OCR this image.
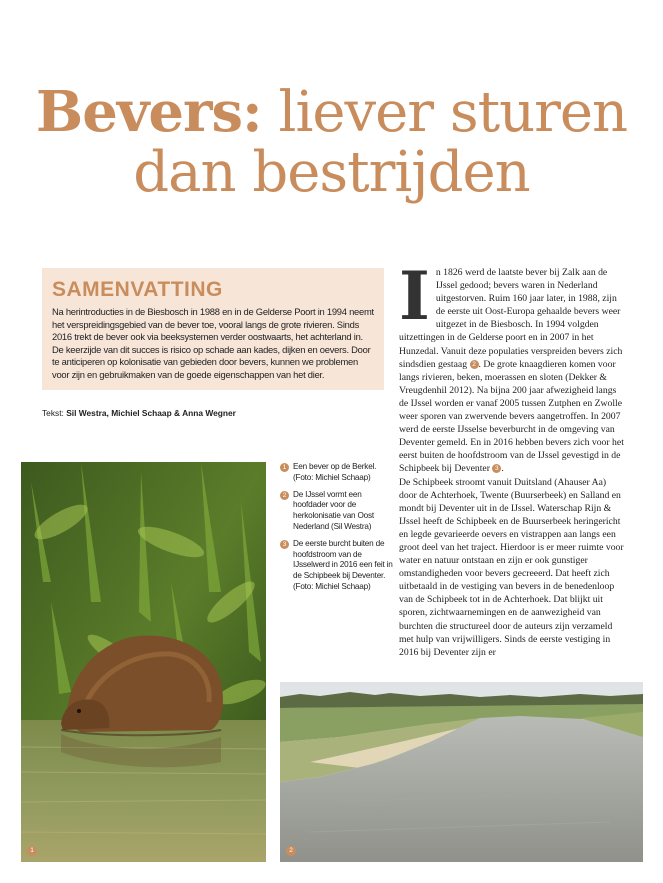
Bevers: liever sturen
dan bestrijden
SAMENVATTING

Na herintroducties in de Biesbosch in 1988 en in de Gelderse Poort in 1994 neemt het verspreidingsgebied van de bever toe, vooral langs de grote rivieren. Sinds 2016 trekt de bever ook via beeksystemen verder oostwaarts, het achterland in. De keerzijde van dit succes is risico op schade aan kades, dijken en oevers. Door te anticiperen op kolonisatie van gebieden door bevers, kunnen we problemen voor zijn en gebruikmaken van de goede eigenschappen van het dier.

Tekst: Sil Westra, Michiel Schaap & Anna Wegner
1
1 Een bever op de Berkel. (Foto: Michiel Schaap)
2 De IJssel vormt een hoofdader voor de herkolonisatie van Oost Nederland (Sil Westra)
3 De eerste burcht buiten de hoofdstroom van de IJsselwerd in 2016 een feit in de Schipbeek bij Deventer. (Foto: Michiel Schaap)

In 1826 werd de laatste bever bij Zalk aan de IJssel gedood; bevers waren in Nederland uitgestorven. Ruim 160 jaar later, in 1988, zijn de eerste uit Oost-Europa gehaalde bevers weer uitgezet in de Biesbosch. In 1994 volgden uitzettingen in de Gelderse poort en in 2007 in het Hunzedal. Vanuit deze populaties verspreiden bevers zich sindsdien gestaag 2 . De grote knaagdieren komen voor langs rivieren, beken, moerassen en sloten (Dekker & Vreugdenhil 2012). Na bijna 200 jaar afwezigheid langs de IJssel worden er vanaf 2005 tussen Zutphen en Zwolle weer sporen van zwervende bevers aangetroffen. In 2007 werd de eerste IJsselse beverburcht in de omgeving van Deventer gemeld. En in 2016 hebben bevers zich voor het eerst buiten de hoofdstroom van de IJssel gevestigd in de Schipbeek bij Deventer 3 .

De Schipbeek stroomt vanuit Duitsland (Ahauser Aa) door de Achterhoek, Twente (Buurserbeek) en Salland en mondt bij Deventer uit in de IJssel. Waterschap Rijn & IJssel heeft de Schipbeek en de Buurserbeek heringericht en legde gevarieerde oevers en vistrappen aan langs een groot deel van het traject. Hierdoor is er meer ruimte voor water en natuur ontstaan en zijn er ook gunstiger omstandigheden voor bevers gecreeerd. Dat heeft zich uitbetaald in de vestiging van bevers in de benedenloop van de Schipbeek tot in de Achterhoek. Dat blijkt uit sporen, zichtwaarnemingen en de aanwezigheid van burchten die structureel door de auteurs zijn verzameld met hulp van vrijwilligers. Sinds de eerste vestiging in 2016 bij Deventer zijn er

2
